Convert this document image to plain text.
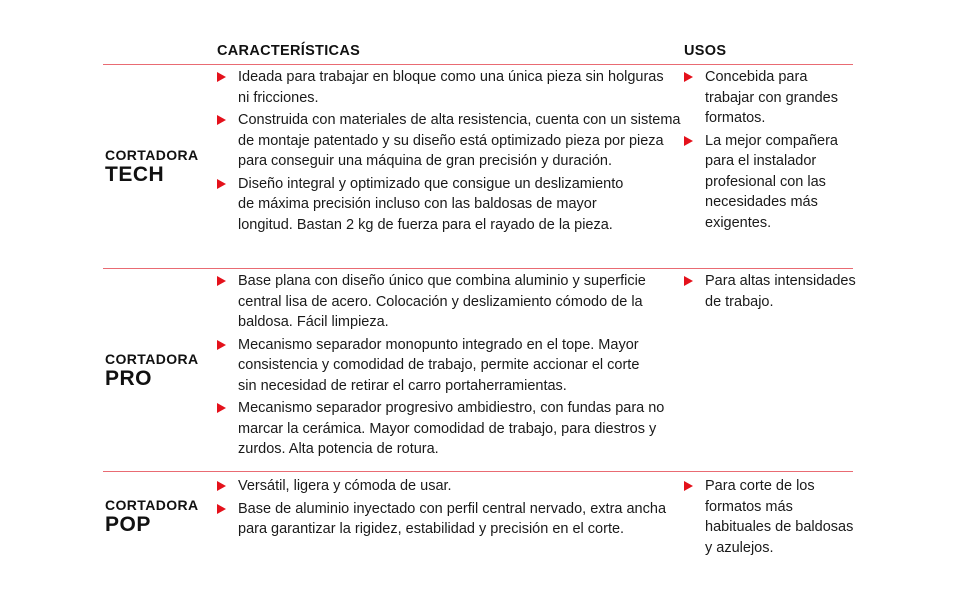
CARACTERÍSTICAS	USOS
CORTADORA
TECH
Ideada para trabajar en bloque como una única pieza sin holguras ni fricciones.
Construida con materiales de alta resistencia, cuenta con un sistema de montaje patentado y su diseño está optimizado pieza por pieza para conseguir una máquina de gran precisión y duración.
Diseño integral y optimizado que consigue un deslizamiento de máxima precisión incluso con las baldosas de mayor longitud. Bastan 2 kg de fuerza para el rayado de la pieza.
Concebida para trabajar con grandes formatos.
La mejor compañera para el instalador profesional con las necesidades más exigentes.
CORTADORA
PRO
Base plana con diseño único que combina aluminio y superficie central lisa de acero. Colocación y deslizamiento cómodo de la baldosa. Fácil limpieza.
Mecanismo separador monopunto integrado en el tope. Mayor consistencia y comodidad de trabajo, permite accionar el corte sin necesidad de retirar el carro portaherramientas.
Mecanismo separador progresivo ambidiestro, con fundas para no marcar la cerámica. Mayor comodidad de trabajo, para diestros y zurdos. Alta potencia de rotura.
Para altas intensidades de trabajo.
CORTADORA
POP
Versátil, ligera y cómoda de usar.
Base de aluminio inyectado con perfil central nervado, extra ancha para garantizar la rigidez, estabilidad y precisión en el corte.
Para corte de los formatos más habituales de baldosas y azulejos.
